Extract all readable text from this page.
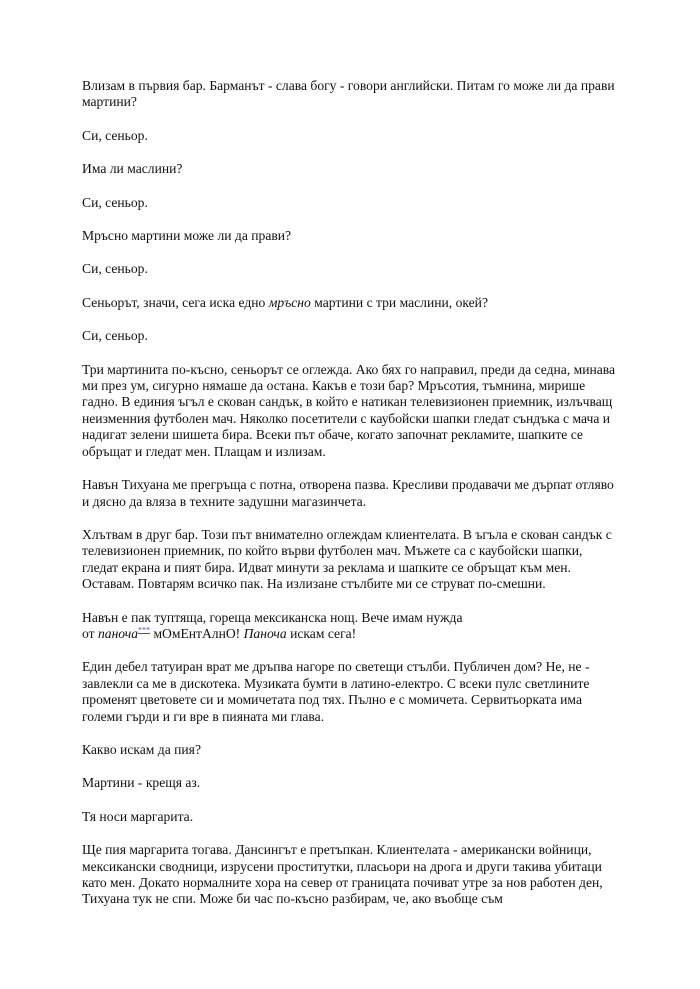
Влизам в първия бар. Барманът - слава богу - говори английски. Питам го може ли да прави мартини?

Си, сеньор.

Има ли маслини?

Си, сеньор.

Мръсно мартини може ли да прави?

Си, сеньор.

Сеньорът, значи, сега иска едно мръсно мартини с три маслини, окей?

Си, сеньор.

Три мартинита по-късно, сеньорът се оглежда. Ако бях го направил, преди да седна, минава ми през ум, сигурно нямаше да остана. Какъв е този бар? Мръсотия, тъмнина, мирише гадно. В единия ъгъл е скован сандък, в който е натикан телевизионен приемник, излъчващ неизменния футболен мач. Няколко посетители с каубойски шапки гледат съндъка с мача и надигат зелени шишета бира. Всеки път обаче, когато започнат рекламите, шапките се обръщат и гледат мен. Плащам и излизам.

Навън Тихуана ме прегръща с потна, отворена пазва. Кресливи продавачи ме дърпат отляво и дясно да вляза в техните задушни магазинчета.

Хлътвам в друг бар. Този път внимателно оглеждам клиентелата. В ъгъла е скован сандък с телевизионен приемник, по който върви футболен мач. Мъжете са с каубойски шапки, гледат екрана и пият бира. Идват минути за реклама и шапките се обръщат към мен. Оставам. Повтарям всичко пак. На излизане стълбите ми се струват по-смешни.

Навън е пак туптяща, гореща мексиканска нощ. Вече имам нужда
от паноча*** мОмЕнтАлнО! Паноча искам сега!

Един дебел татуиран врат ме дръпва нагоре по светещи стълби. Публичен дом? Не, не - завлекли са ме в дискотека. Музиката бумти в латино-електро. С всеки пулс светлините променят цветовете си и момичетата под тях. Пълно е с момичета. Сервитьорката има големи гърди и ги вре в пияната ми глава.

Какво искам да пия?

Мартини - крещя аз.

Тя носи маргарита.

Ще пия маргарита тогава. Дансингът е претъпкан. Клиентелата - американски войници, мексикански сводници, изрусени проститутки, пласьори на дрога и други такива убитаци като мен. Докато нормалните хора на север от границата почиват утре за нов работен ден, Тихуана тук не спи. Може би час по-късно разбирам, че, ако въобще съм
